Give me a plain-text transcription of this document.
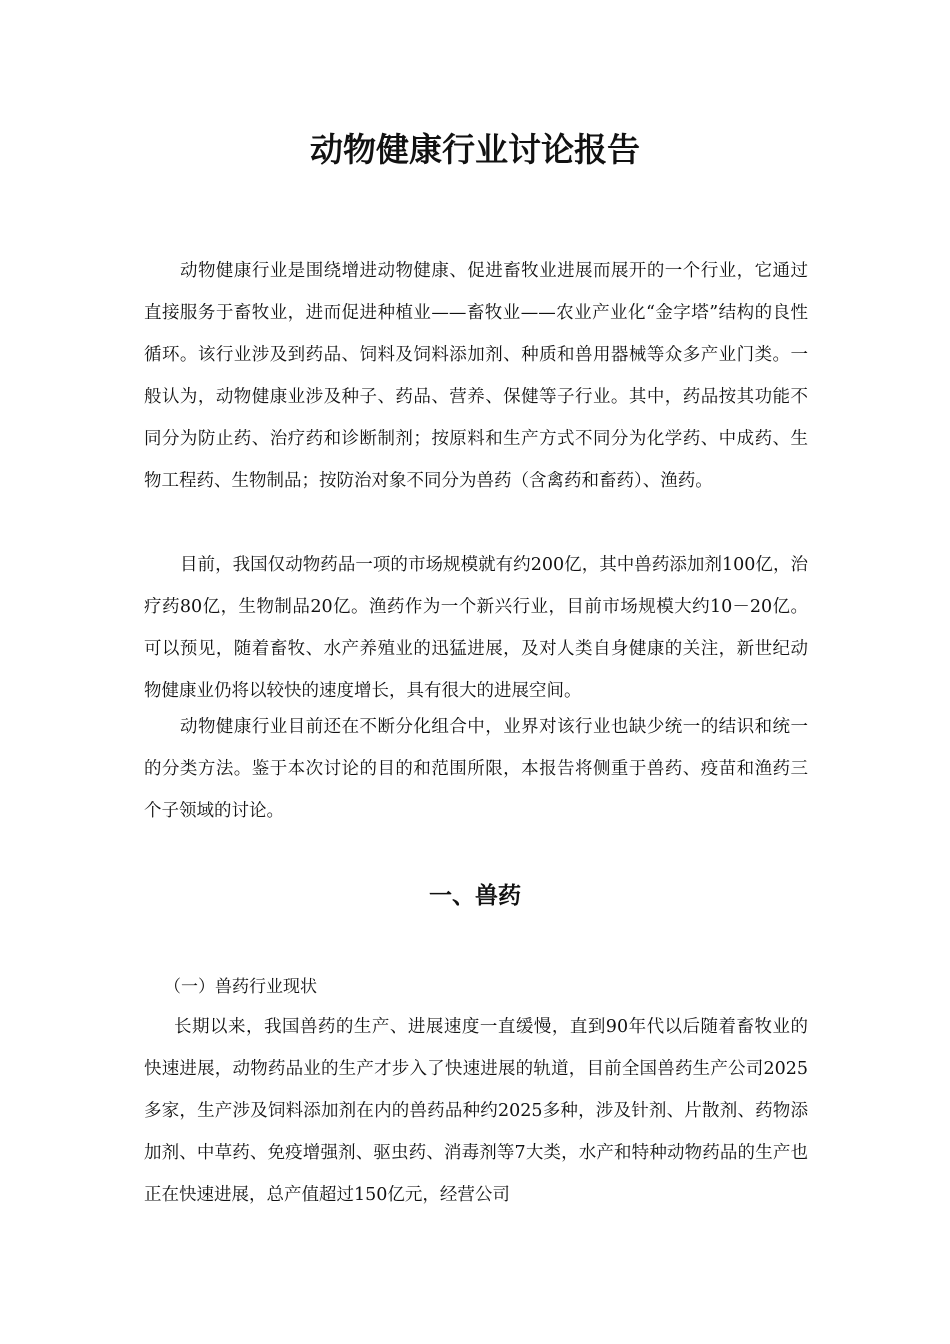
动物健康行业讨论报告

动物健康行业是围绕增进动物健康、促进畜牧业进展而展开的一个行业，它通过直接服务于畜牧业，进而促进种植业——畜牧业——农业产业化“金字塔”结构的良性循环。该行业涉及到药品、饲料及饲料添加剂、种质和兽用器械等众多产业门类。一般认为，动物健康业涉及种子、药品、营养、保健等子行业。其中，药品按其功能不同分为防止药、治疗药和诊断制剂；按原料和生产方式不同分为化学药、中成药、生物工程药、生物制品；按防治对象不同分为兽药（含禽药和畜药）、渔药。

目前，我国仅动物药品一项的市场规模就有约200亿，其中兽药添加剂100亿，治疗药80亿，生物制品20亿。渔药作为一个新兴行业，目前市场规模大约10－20亿。可以预见，随着畜牧、水产养殖业的迅猛进展，及对人类自身健康的关注，新世纪动物健康业仍将以较快的速度增长，具有很大的进展空间。

动物健康行业目前还在不断分化组合中，业界对该行业也缺少统一的结识和统一的分类方法。鉴于本次讨论的目的和范围所限，本报告将侧重于兽药、疫苗和渔药三个子领域的讨论。

一、兽药

（一）兽药行业现状

长期以来，我国兽药的生产、进展速度一直缓慢，直到90年代以后随着畜牧业的快速进展，动物药品业的生产才步入了快速进展的轨道，目前全国兽药生产公司2025多家，生产涉及饲料添加剂在内的兽药品种约2025多种，涉及针剂、片散剂、药物添加剂、中草药、免疫增强剂、驱虫药、消毒剂等7大类，水产和特种动物药品的生产也正在快速进展，总产值超过150亿元，经营公司
